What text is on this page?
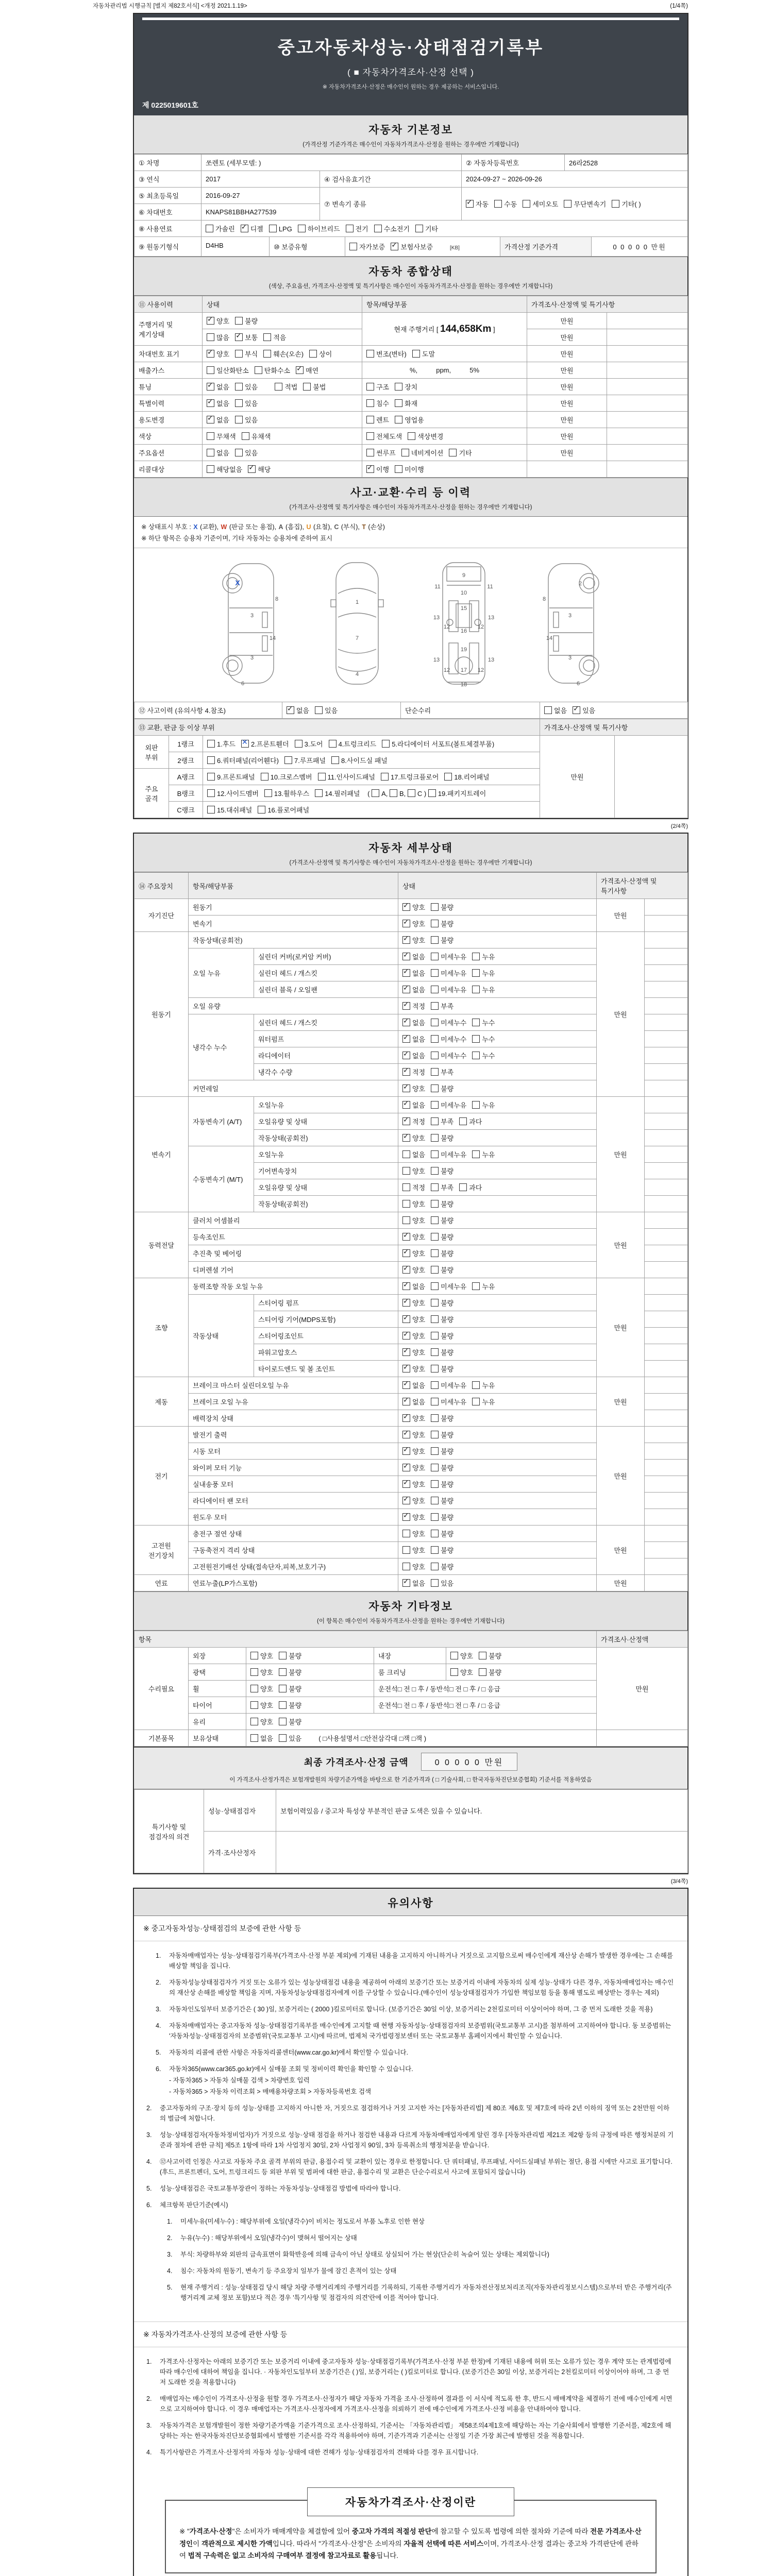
자동차관리법 시행규칙 [별지 제82호서식] <개정 2021.1.19>	(1/4쪽)
중고자동차성능·상태점검기록부
( ■ 자동차가격조사·산정 선택 )
※ 자동차가격조사·산정은 매수인이 원하는 경우 제공하는 서비스입니다.
제 0225019601호
자동차 기본정보
(가격산정 기준가격은 매수인이 자동차가격조사·산정을 원하는 경우에만 기재합니다)
① 차명	쏘렌토 (세부모델: )		② 자동차등록번호	26라2528
③ 연식	2017	④ 검사유효기간	2024-09-27 ~ 2026-09-26	
⑤ 최초등록일	2016-09-27	⑦ 변속기 종류	✓ 자동 수동 세미오토 무단변속기 기타( )	
⑥ 차대번호	KNAPS81BBHA277539			
⑧ 사용연료	가솔린 ✓ 디젤 LPG 하이브리드 전기 수소전기 기타			
⑨ 원동기형식	D4HB	⑩ 보증유형	자가보증 ✓ 보험사보증	[KB]	가격산정 기준가격	0 0 0 0 0 만원
자동차 종합상태
(색상, 주요옵션, 가격조사·산정액 및 특기사항은 매수인이 자동차가격조사·산정을 원하는 경우에만 기재합니다)
⑪ 사용이력	상태	항목/해당부품	가격조사·산정액 및 특기사항	
주행거리 및 계기상태	✓ 양호 불량	현재 주행거리 [ 144,658Km ]	만원	
	많음 ✓ 보통 적음		만원	
차대번호 표기	✓ 양호 부식 훼손(오손) 상이	변조(변타) 도말	만원	
배출가스	일산화탄소 탄화수소 ✓ 매연	%,          ppm,          5%	만원	
튜닝	✓ 없음 있음 적법 불법	구조 장치	만원	
특별이력	✓ 없음 있음	침수 화재	만원	
용도변경	✓ 없음 있음	렌트 영업용	만원	
색상	무채색 유채색	전체도색 색상변경	만원	
주요옵션	없음 있음	썬루프 네비게이션 기타	만원	
리콜대상	해당없음 ✓ 해당	✓ 이행 미이행		
사고·교환·수리 등 이력
(가격조사·산정액 및 특기사항은 매수인이 자동차가격조사·산정을 원하는 경우에만 기재합니다)
※ 상태표시 부호 : X (교환), W (판금 또는 용접), A (흠집), U (요철), C (부식), T (손상)
※ 하단 항목은 승용차 기준이며, 기타 자동차는 승용차에 준하여 표시
X
8
3
14
3
6
1
7
4
9
11	11
10
15
13	13
12	12
16
19
13	13
12 17 12
18
2
8
3
14
3
6
⑫ 사고이력 (유의사항 4.참조)	✓ 없음 있음	단순수리	없음 ✓ 있음
⑬ 교환, 판금 등 이상 부위			가격조사·산정액 및 특기사항	
외판 부위	1랭크	1.후드 ✕ 2.프론트휀더 3.도어 4.트렁크리드 5.라디에이터 서포트(볼트체결부품)	만원	
	2랭크	6.쿼터패널(리어휀다) 7.루프패널 8.사이드실 패널		
주요 골격	A랭크	9.프론트패널 10.크로스멤버 11.인사이드패널 17.트렁크플로어 18.리어패널		
	B랭크	12.사이드멤버 13.휠하우스 14.필러패널 ( A, B, C ) 19.패키지트레이		
	C랭크	15.대쉬패널 16.플로어패널		
(2/4쪽)
자동차 세부상태
(가격조사·산정액 및 특기사항은 매수인이 자동차가격조사·산정을 원하는 경우에만 기재합니다)
⑭ 주요장치	항목/해당부품		상태	가격조사·산정액 및 특기사항	
자기진단	원동기		✓ 양호 불량	만원	
	변속기		✓ 양호 불량		
원동기	작동상태(공회전)		✓ 양호 불량	만원	
	오일 누유	실린더 커버(로커암 커버)	✓ 없음 미세누유 누유		
		실린더 헤드 / 개스킷	✓ 없음 미세누유 누유		
		실린더 블록 / 오일팬	✓ 없음 미세누유 누유		
	오일 유량		✓ 적정 부족		
	냉각수 누수	실린더 헤드 / 개스킷	✓ 없음 미세누수 누수		
		워터펌프	✓ 없음 미세누수 누수		
		라디에이터	✓ 없음 미세누수 누수		
		냉각수 수량	✓ 적정 부족		
	커먼레일		✓ 양호 불량		
변속기	자동변속기 (A/T)	오일누유	✓ 없음 미세누유 누유	만원	
		오일유량 및 상태	✓ 적정 부족 과다		
		작동상태(공회전)	✓ 양호 불량		
	수동변속기 (M/T)	오일누유	없음 미세누유 누유		
		기어변속장치	양호 불량		
		오일유량 및 상태	적정 부족 과다		
		작동상태(공회전)	양호 불량		
동력전달	클러치 어셈블리		양호 불량	만원	
	등속조인트		✓ 양호 불량		
	추진축 및 베어링		✓ 양호 불량		
	디퍼렌셜 기어		✓ 양호 불량		
조향	동력조향 작동 오일 누유		✓ 없음 미세누유 누유	만원	
	작동상태	스티어링 펌프	✓ 양호 불량		
		스티어링 기어(MDPS포함)	✓ 양호 불량		
		스티어링조인트	✓ 양호 불량		
		파워고압호스	✓ 양호 불량		
		타이로드엔드 및 볼 조인트	✓ 양호 불량		
제동	브레이크 마스터 실린더오일 누유		✓ 없음 미세누유 누유	만원	
	브레이크 오일 누유		✓ 없음 미세누유 누유		
	배력장치 상태		✓ 양호 불량		
전기	발전기 출력		✓ 양호 불량	만원	
	시동 모터		✓ 양호 불량		
	와이퍼 모터 기능		✓ 양호 불량		
	실내송풍 모터		✓ 양호 불량		
	라디에이터 팬 모터		✓ 양호 불량		
	윈도우 모터		✓ 양호 불량		
고전원 전기장치	충전구 절연 상태		양호 불량	만원	
	구동축전지 격리 상태		양호 불량		
	고전원전기배선 상태(접속단자,피복,보호기구)		양호 불량		
연료	연료누출(LP가스포함)		✓ 없음 있음	만원	
자동차 기타정보
(이 항목은 매수인이 자동차가격조사·산정을 원하는 경우에만 기재합니다)
항목					가격조사·산정액
수리필요	외장	양호 불량	내장	양호 불량	만원
	광택	양호 불량	룸 크리닝	양호 불량	
	휠	양호 불량	운전석□ 전 □ 후 / 동반석□ 전 □ 후 / □ 응급		
	타이어	양호 불량	운전석□ 전 □ 후 / 동반석□ 전 □ 후 / □ 응급		
	유리	양호 불량			
기본품목	보유상태	없음 있음 ( □사용설명서 □안전삼각대 □잭 □잭 )			
최종 가격조사·산정 금액	0 0 0 0 0 만원
이 가격조사·산정가격은 보험개발원의 차량기준가액을 바탕으로 한 기준가격과 ( □ 기술사회, □ 한국자동차진단보증협회) 기준서를 적용하였음
특기사항 및 점검자의 의견	성능·상태점검자	보험이력있음 / 중고차 특성상 부분적인 판금 도색은 있을 수 있습니다.
	가격·조사산정자	
(3/4쪽)
유의사항
※ 중고자동차성능·상태점검의 보증에 관한 사항 등
1.	자동차매매업자는 성능·상태점검기록부(가격조사·산정 부분 제외)에 기재된 내용을 고지하지 아니하거나 거짓으로 고지함으로써 매수인에게 재산상 손해가 발생한 경우에는 그 손해를 배상할 책임을 집니다.
2.	자동차성능상태점검자가 거짓 또는 오류가 있는 성능상태점검 내용을 제공하여 아래의 보증기간 또는 보증거리 이내에 자동차의 실제 성능·상태가 다른 경우, 자동차매매업자는 매수인의 재산상 손해를 배상할 책임을 지며, 자동차성능상태점검자에게 이를 구상할 수 있습니다.(매수인이 성능상태점검자가 가입한 책임보험 등을 통해 별도로 배상받는 경우는 제외)
3.	자동차인도일부터 보증기간은 ( 30 )일, 보증거리는 ( 2000 )킬로미터로 합니다. (보증기간은 30일 이상, 보증거리는 2천킬로미터 이상이어야 하며, 그 중 먼저 도래한 것을 적용)
4.	자동차매매업자는 중고자동차 성능·상태점검기록부를 매수인에게 고지할 때 현행 자동차성능·상태점검자의 보증범위(국토교통부 고시)를 첨부하여 고지하여야 합니다. 동 보증범위는 '자동차성능·상태점검자의 보증범위'(국토교통부 고시)에 따르며, 법제처 국가법령정보센터 또는 국토교통부 홈페이지에서 확인할 수 있습니다.
5.	자동차의 리콜에 관한 사항은 자동차리콜센터(www.car.go.kr)에서 확인할 수 있습니다.
6.	자동차365(www.car365.go.kr)에서 실매물 조회 및 정비이력 확인을 확인할 수 있습니다.
- 자동차365 > 자동차 실매물 검색 > 차량번호 입력
- 자동차365 > 자동차 이력조회 > 매매용차량조회 > 자동차등록번호 검색
2.	중고자동차의 구조·장치 등의 성능·상태를 고지하지 아니한 자, 거짓으로 점검하거나 거짓 고지한 자는 [자동차관리법] 제 80조 제6호 및 제7호에 따라 2년 이하의 징역 또는 2천만원 이하의 벌금에 처합니다.
3.	성능·상태점검자(자동차정비업자)가 거짓으로 성능·상태 점검을 하거나 점검한 내용과 다르게 자동차매매업자에게 알린 경우 [자동차관리법 제21조 제2항 등의 규정에 따른 행정처분의 기준과 절차에 관한 규칙] 제5조 1항에 따라 1차 사업정지 30일, 2차 사업정지 90일, 3차 등록취소의 행정처분을 받습니다.
4.	⑫사고이력 인정은 사고로 자동차 주요 골격 부위의 판금, 용접수리 및 교환이 있는 경우로 한정합니다. 단 쿼터패널, 루프패널, 사이드실패널 부위는 절단, 용접 시에만 사고로 표기합니다. (후드, 프론트펜더, 도어, 트렁크리드 등 외판 부위 및 범퍼에 대한 판금, 용접수리 및 교환은 단순수리로서 사고에 포함되지 않습니다)
5.	성능·상태점검은 국토교통부장관이 정하는 자동차성능·상태점검 방법에 따라야 합니다.
6.	체크항목 판단기준(예시)
1.	미세누유(미세누수) : 해당부위에 오일(냉각수)이 비치는 정도로서 부품 노후로 인한 현상
2.	누유(누수) : 해당부위에서 오일(냉각수)이 맺혀서 떨어지는 상태
3.	부식: 차량하부와 외판의 금속표면이 화학반응에 의해 금속이 아닌 상태로 상실되어 가는 현상(단순히 녹슬어 있는 상태는 제외합니다)
4.	침수: 자동차의 원동기, 변속기 등 주요장치 일부가 물에 잠긴 흔적이 있는 상태
5.	현재 주행거리 : 성능·상태점검 당시 해당 차량 주행거리계의 주행거리를 기록하되, 기록한 주행거리가 자동차전산정보처리조직(자동차관리정보시스템)으로부터 받은 주행거리(주행거리계 교체 정보 포함)보다 적은 경우 '특기사항 및 점검자의 의견'란에 이를 적어야 합니다.
※ 자동차가격조사·산정의 보증에 관한 사항 등
1.	가격조사·산정자는 아래의 보증기간 또는 보증거리 이내에 중고자동차 성능·상태점검기록부(가격조사·산정 부분 한정)에 기재된 내용에 허위 또는 오류가 있는 경우 계약 또는 관계법령에 따라 매수인에 대하여 책임을 집니다. · 자동차인도일부터 보증기간은 ( )일, 보증거리는 ( )킬로미터로 합니다. (보증기간은 30일 이상, 보증거리는 2천킬로미터 이상이어야 하며, 그 중 먼저 도래한 것을 적용합니다)
2.	매매업자는 매수인이 가격조사·산정을 원할 경우 가격조사·산정자가 해당 자동차 가격을 조사·산정하여 결과를 이 서식에 적도록 한 후, 반드시 매매계약을 체결하기 전에 매수인에게 서면으로 고지하여야 합니다. 이 경우 매매업자는 가격조사·산정자에게 가격조사·산정을 의뢰하기 전에 매수인에게 가격조사·산정 비용을 안내하여야 합니다.
3.	자동차가격은 보험개발원이 정한 차량기준가액을 기준가격으로 조사·산정하되, 기준서는 「자동차관리법」 제58조의4제1호에 해당하는 자는 기술사회에서 발행한 기준서를, 제2호에 해당하는 자는 한국자동차진단보증협회에서 발행한 기준서를 각각 적용하여야 하며, 기준가격과 기준서는 산정일 기준 가장 최근에 발행된 것을 적용합니다.
4.	특기사항란은 가격조사·산정자의 자동차 성능·상태에 대한 견해가 성능·상태점검자의 견해와 다를 경우 표시합니다.
자동차가격조사·산정이란
※ "가격조사·산정"은 소비자가 매매계약을 체결함에 있어 중고차 가격의 적절성 판단에 참고할 수 있도록 법령에 의한 절차와 기준에 따라 전문 가격조사·산정인이 객관적으로 제시한 가액입니다. 따라서 "가격조사·산정"은 소비자의 자율적 선택에 따른 서비스이며, 가격조사·산정 결과는 중고차 가격판단에 관하여 법적 구속력은 없고 소비자의 구매여부 결정에 참고자료로 활용됩니다.
